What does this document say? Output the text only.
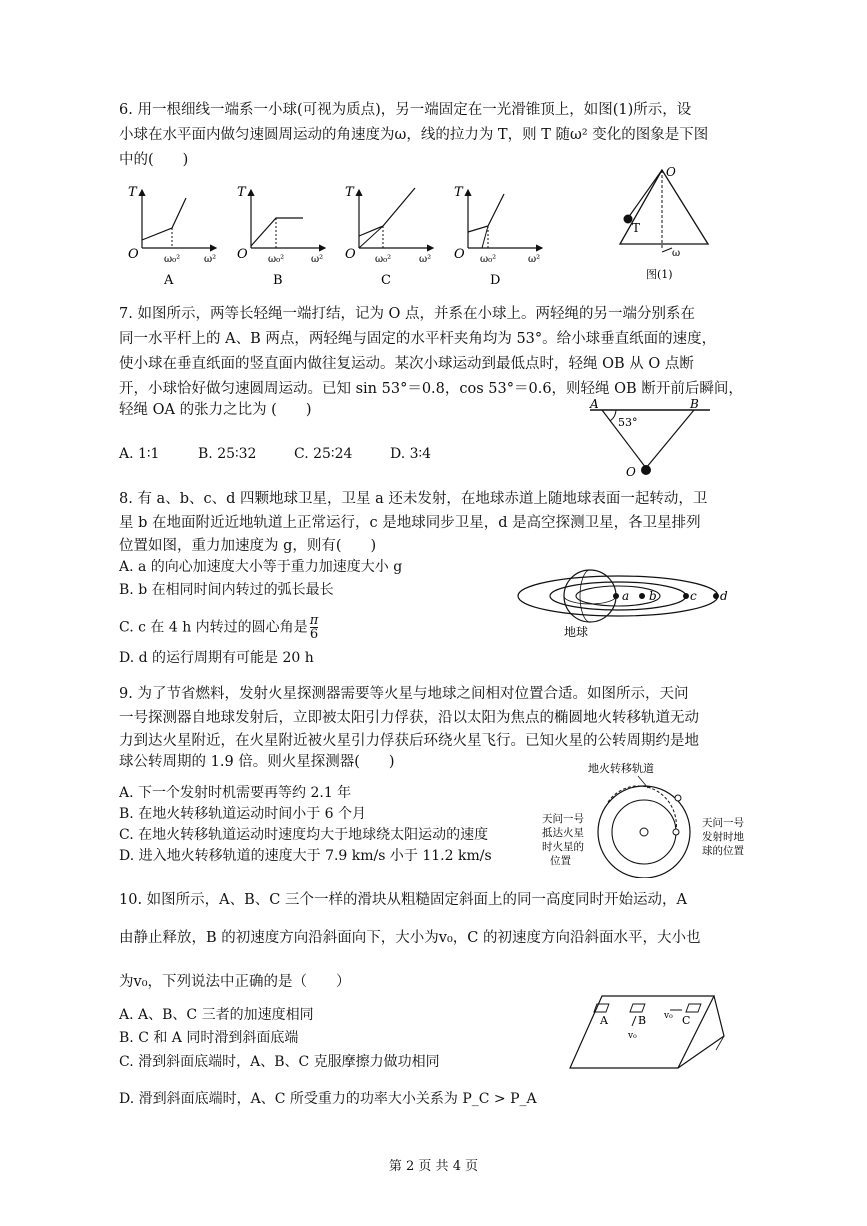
6. 用一根细线一端系一小球(可视为质点)，另一端固定在一光滑锥顶上，如图(1)所示，设
小球在水平面内做匀速圆周运动的角速度为ω，线的拉力为 T，则 T 随ω² 变化的图象是下图
中的(　　)
T
O	ω₀² ω²
A
T
O ω₀²	ω²
B
T
O ω₀²	ω²
C
T
O ω₀²	ω²
D
O
T
ω
图(1)
7. 如图所示，两等长轻绳一端打结，记为 O 点，并系在小球上。两轻绳的另一端分别系在
同一水平杆上的 A、B 两点，两轻绳与固定的水平杆夹角均为 53°。给小球垂直纸面的速度，
使小球在垂直纸面的竖直面内做往复运动。某次小球运动到最低点时，轻绳 OB 从 O 点断
开，小球恰好做匀速圆周运动。已知 sin 53°＝0.8，cos 53°＝0.6，则轻绳 OB 断开前后瞬间，
轻绳 OA 的张力之比为 (　　)
A. 1∶1	B. 25∶32	C. 25∶24	D. 3∶4
A	B
53°
O
8. 有 a、b、c、d 四颗地球卫星，卫星 a 还未发射，在地球赤道上随地球表面一起转动，卫
星 b 在地面附近近地轨道上正常运行，c 是地球同步卫星，d 是高空探测卫星，各卫星排列
位置如图，重力加速度为 g，则有(　　)
A. a 的向心加速度大小等于重力加速度大小 g
B. b 在相同时间内转过的弧长最长
C. c 在 4 h 内转过的圆心角是 $\frac{\pi}{6}$
D. d 的运行周期有可能是 20 h
a b	c d
地球
9. 为了节省燃料，发射火星探测器需要等火星与地球之间相对位置合适。如图所示，天问
一号探测器自地球发射后，立即被太阳引力俘获，沿以太阳为焦点的椭圆地火转移轨道无动
力到达火星附近，在火星附近被火星引力俘获后环绕火星飞行。已知火星的公转周期约是地
球公转周期的 1.9 倍。则火星探测器(　　)
A. 下一个发射时机需要再等约 2.1 年
B. 在地火转移轨道运动时间小于 6 个月
C. 在地火转移轨道运动时速度均大于地球绕太阳运动的速度
D. 进入地火转移轨道的速度大于 7.9 km/s 小于 11.2 km/s
地火转移轨道
天问一号 抵达火星 时火星的 位置
天问一号 发射时地 球的位置
10. 如图所示，A、B、C 三个一样的滑块从粗糙固定斜面上的同一高度同时开始运动，A
由静止释放，B 的初速度方向沿斜面向下，大小为v₀，C 的初速度方向沿斜面水平，大小也
为v₀，下列说法中正确的是（　　）
A. A、B、C 三者的加速度相同
B. C 和 A 同时滑到斜面底端
C. 滑到斜面底端时，A、B、C 克服摩擦力做功相同
D. 滑到斜面底端时，A、C 所受重力的功率大小关系为 P_C > P_A
A	B	C
v₀
v₀
第 2 页 共 4 页
